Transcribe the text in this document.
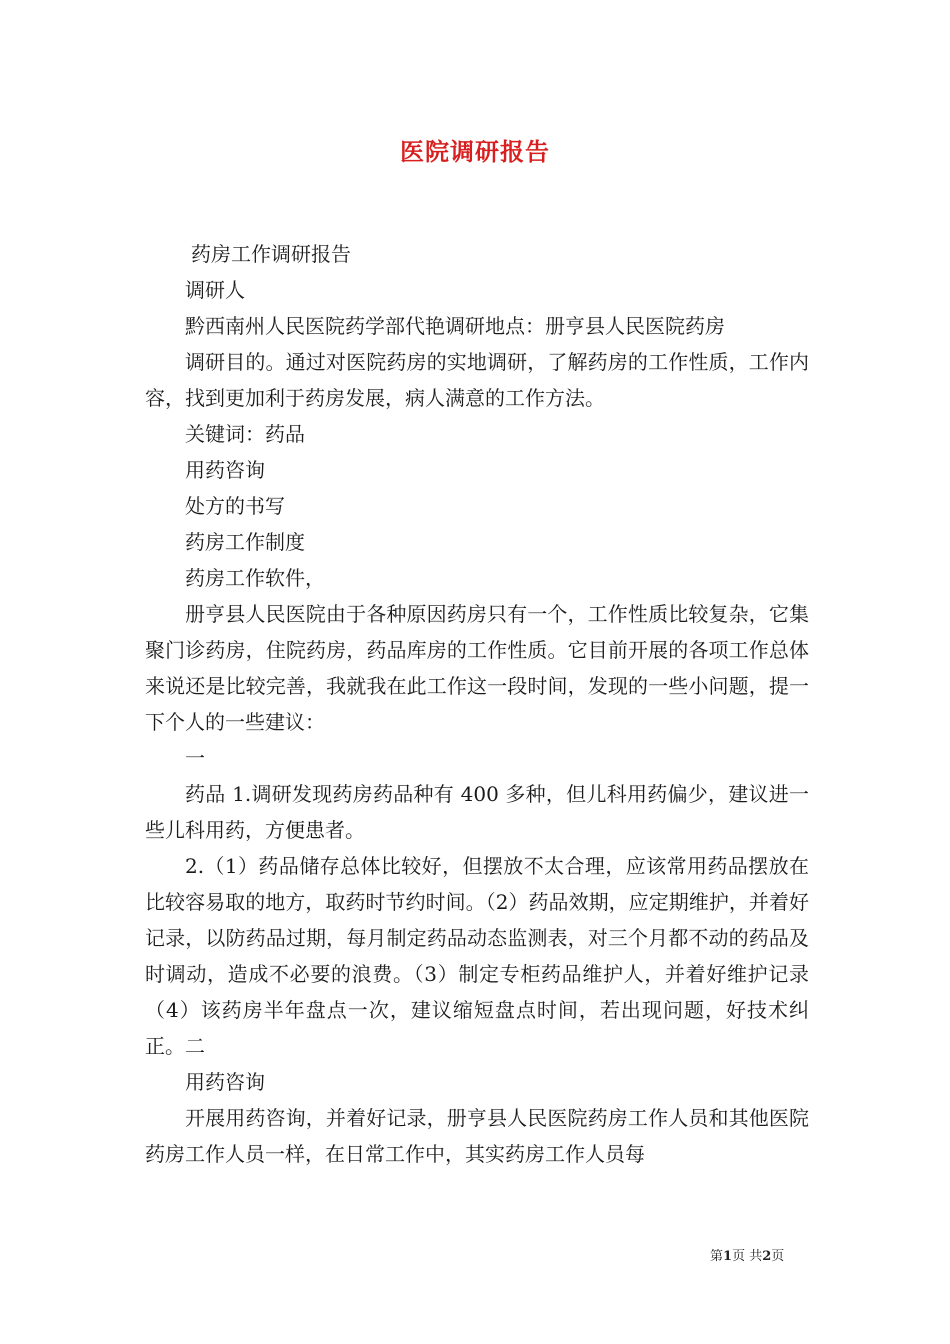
医院调研报告

药房工作调研报告

调研人

黔西南州人民医院药学部代艳调研地点：册亨县人民医院药房

调研目的。通过对医院药房的实地调研，了解药房的工作性质，工作内容，找到更加利于药房发展，病人满意的工作方法。

关键词：药品

用药咨询

处方的书写

药房工作制度

药房工作软件，

册亨县人民医院由于各种原因药房只有一个，工作性质比较复杂，它集聚门诊药房，住院药房，药品库房的工作性质。它目前开展的各项工作总体来说还是比较完善，我就我在此工作这一段时间，发现的一些小问题，提一下个人的一些建议：

一

药品 1.调研发现药房药品种有 400 多种，但儿科用药偏少，建议进一些儿科用药，方便患者。

2.（1）药品储存总体比较好，但摆放不太合理，应该常用药品摆放在比较容易取的地方，取药时节约时间。（2）药品效期，应定期维护，并着好记录，以防药品过期，每月制定药品动态监测表，对三个月都不动的药品及时调动，造成不必要的浪费。（3）制定专柜药品维护人，并着好维护记录（4）该药房半年盘点一次，建议缩短盘点时间，若出现问题，好技术纠正。二

用药咨询

开展用药咨询，并着好记录，册亨县人民医院药房工作人员和其他医院药房工作人员一样，在日常工作中，其实药房工作人员每

第1页 共2页
